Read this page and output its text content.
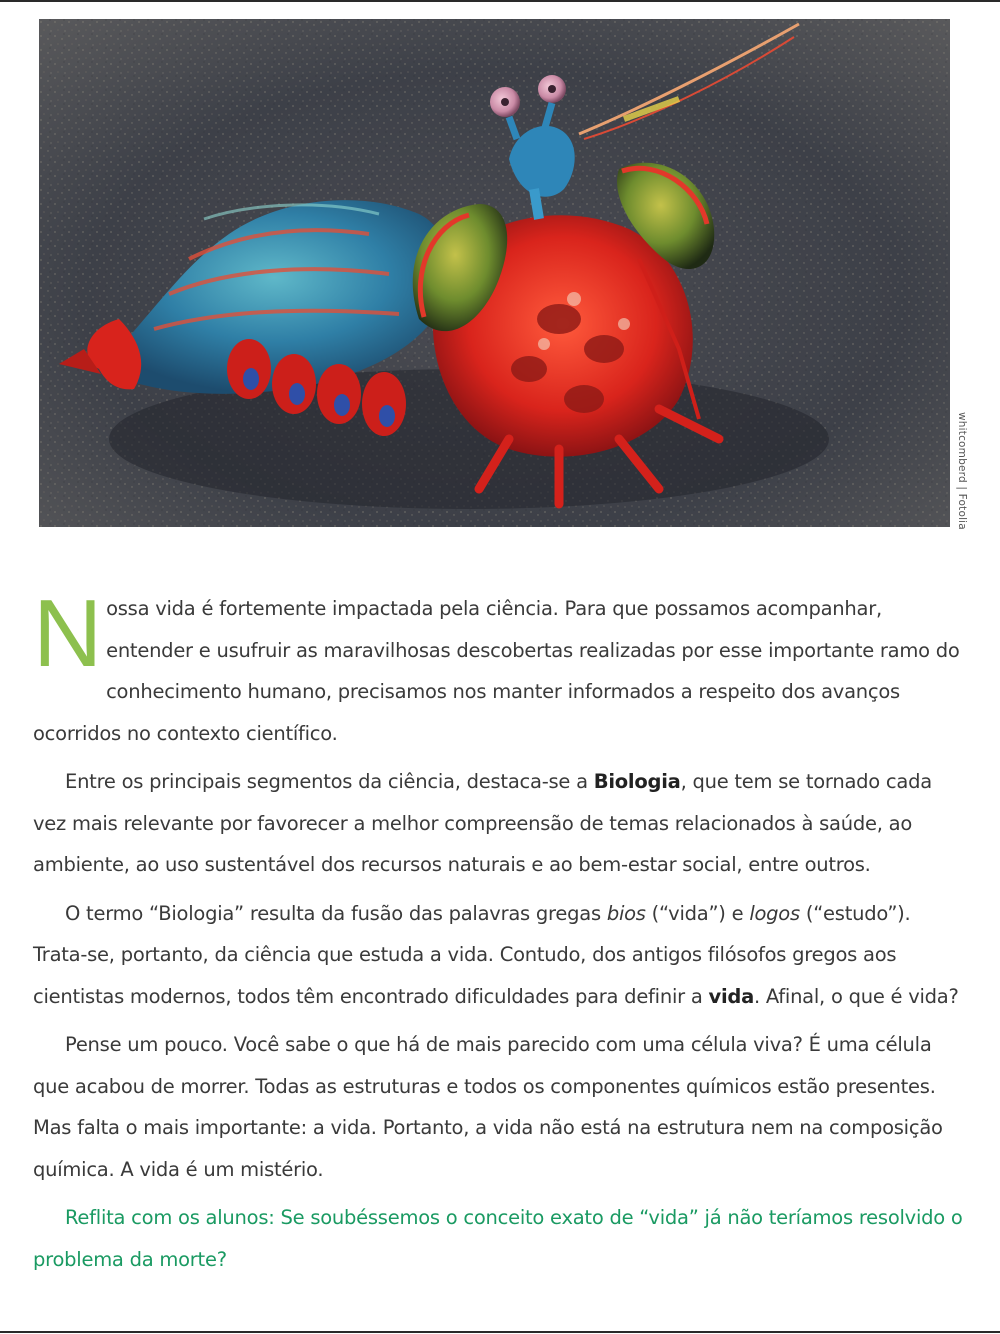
whitcomberd | Fotolia

Nossa vida é fortemente impactada pela ciência. Para que possamos acompanhar, entender e usufruir as maravilhosas descobertas realizadas por esse importante ramo do conhecimento humano, precisamos nos manter informados a respeito dos avanços ocorridos no contexto científico.

Entre os principais segmentos da ciência, destaca-se a Biologia, que tem se tornado cada vez mais relevante por favorecer a melhor compreensão de temas relacionados à saúde, ao ambiente, ao uso sustentável dos recursos naturais e ao bem-estar social, entre outros.

O termo “Biologia” resulta da fusão das palavras gregas bios (“vida”) e logos (“estudo”). Trata-se, portanto, da ciência que estuda a vida. Contudo, dos antigos filósofos gregos aos cientistas modernos, todos têm encontrado dificuldades para definir a vida. Afinal, o que é vida?

Pense um pouco. Você sabe o que há de mais parecido com uma célula viva? É uma célula que acabou de morrer. Todas as estruturas e todos os componentes químicos estão presentes. Mas falta o mais importante: a vida. Portanto, a vida não está na estrutura nem na composição química. A vida é um mistério.

Reflita com os alunos: Se soubéssemos o conceito exato de “vida” já não teríamos resolvido o problema da morte?
